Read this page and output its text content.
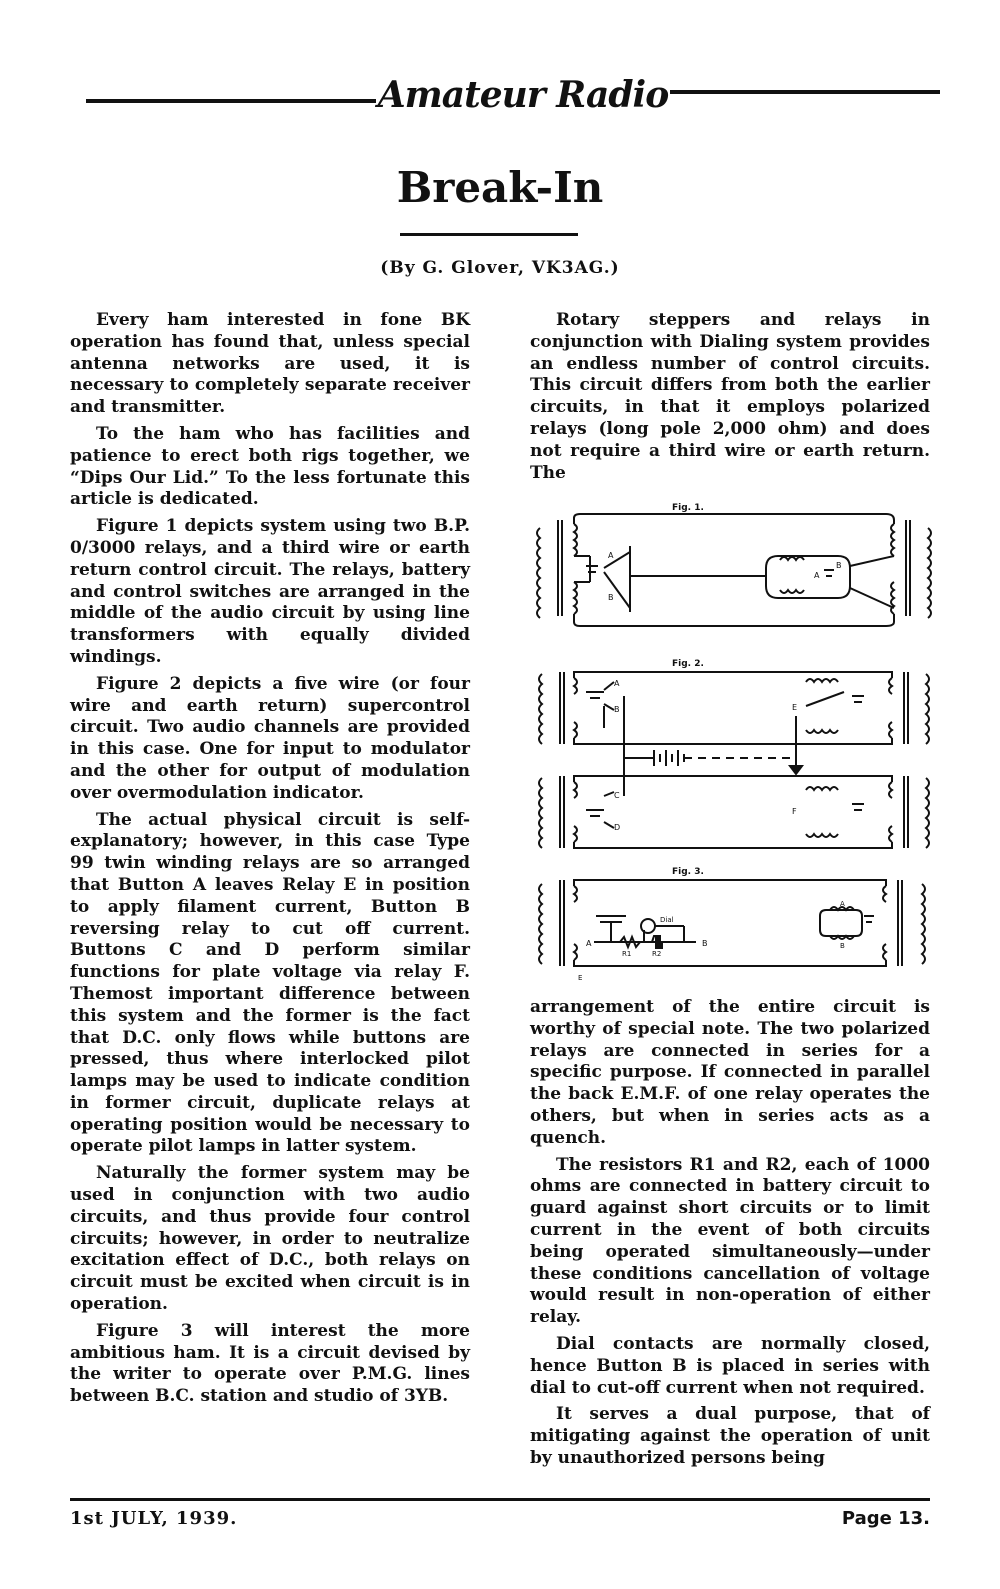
Amateur Radio
Break-In
(By G. Glover, VK3AG.)

Every ham interested in fone BK operation has found that, unless special antenna networks are used, it is necessary to completely separate receiver and transmitter.

To the ham who has facilities and patience to erect both rigs together, we “Dips Our Lid.” To the less fortunate this article is dedicated.

Figure 1 depicts system using two B.P. 0/3000 relays, and a third wire or earth return control circuit. The relays, battery and control switches are arranged in the middle of the audio circuit by using line transformers with equally divided windings.

Figure 2 depicts a five wire (or four wire and earth return) supercontrol circuit. Two audio channels are provided in this case. One for input to modulator and the other for output of modulation over overmodulation indicator.

The actual physical circuit is self-explanatory; however, in this case Type 99 twin winding relays are so arranged that Button A leaves Relay E in position to apply filament current, Button B reversing relay to cut off current. Buttons C and D perform similar functions for plate voltage via relay F. Themost important difference between this system and the former is the fact that D.C. only flows while buttons are pressed, thus where interlocked pilot lamps may be used to indicate condition in former circuit, duplicate relays at operating position would be necessary to operate pilot lamps in latter system.

Naturally the former system may be used in conjunction with two audio circuits, and thus provide four control circuits; however, in order to neutralize excitation effect of D.C., both relays on circuit must be excited when circuit is in operation.

Figure 3 will interest the more ambitious ham. It is a circuit devised by the writer to operate over P.M.G. lines between B.C. station and studio of 3YB.

Rotary steppers and relays in conjunction with Dialing system provides an endless number of control circuits. This circuit differs from both the earlier circuits, in that it employs polarized relays (long pole 2,000 ohm) and does not require a third wire or earth return. The

Fig. 1.
A
B
A
B
Fig. 2.
A
B	E
C
D
F
Fig. 3.
A
R1	R2
Dial
B
A
B
E

arrangement of the entire circuit is worthy of special note. The two polarized relays are connected in series for a specific purpose. If connected in parallel the back E.M.F. of one relay operates the others, but when in series acts as a quench.

The resistors R1 and R2, each of 1000 ohms are connected in battery circuit to guard against short circuits or to limit current in the event of both circuits being operated simultaneously—under these conditions cancellation of voltage would result in non-operation of either relay.

Dial contacts are normally closed, hence Button B is placed in series with dial to cut-off current when not required.

It serves a dual purpose, that of mitigating against the operation of unit by unauthorized persons being

1st JULY, 1939.	Page 13.
